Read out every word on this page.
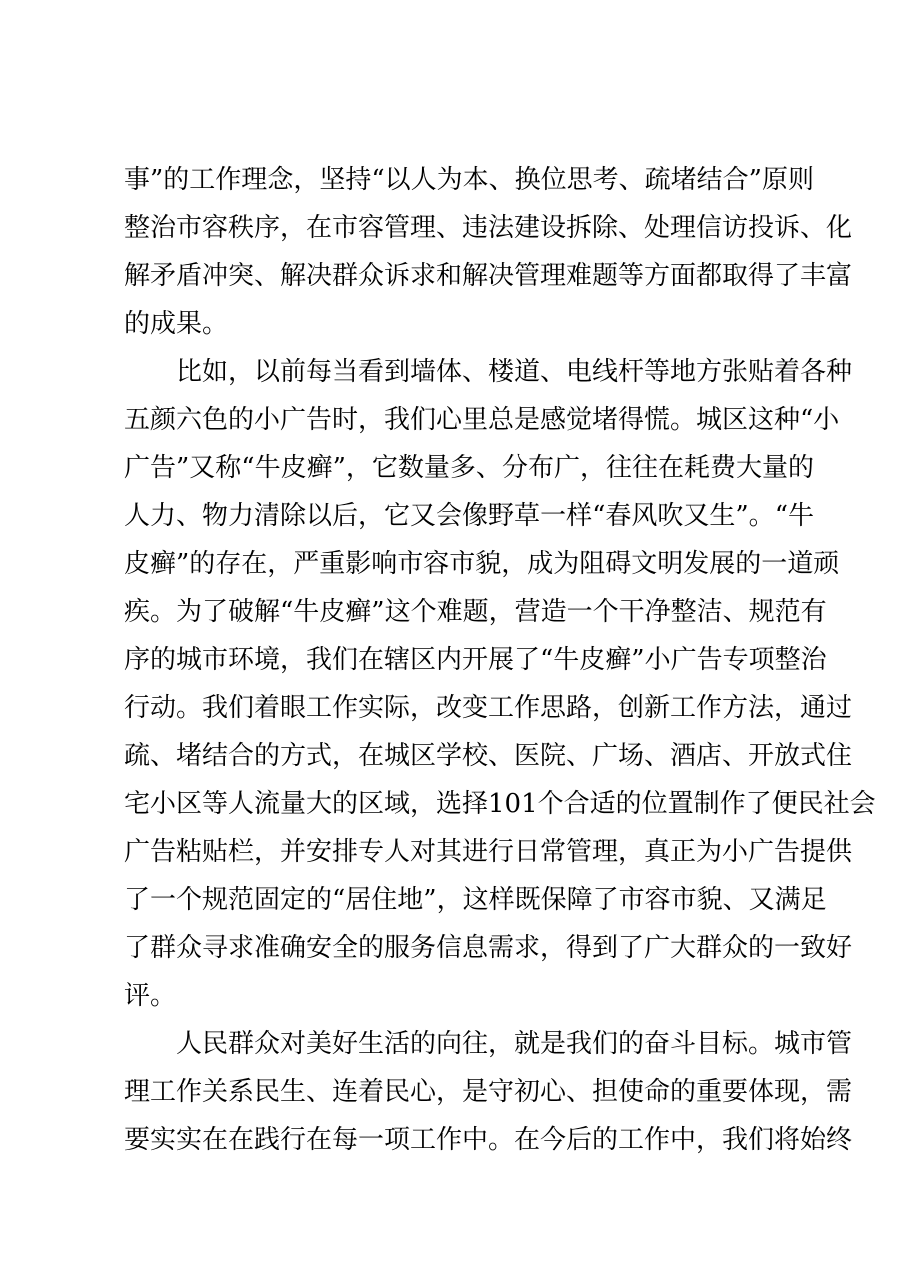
事”的工作理念，坚持“以人为本、换位思考、疏堵结合”原则
整治市容秩序，在市容管理、违法建设拆除、处理信访投诉、化
解矛盾冲突、解决群众诉求和解决管理难题等方面都取得了丰富
的成果。

比如，以前每当看到墙体、楼道、电线杆等地方张贴着各种
五颜六色的小广告时，我们心里总是感觉堵得慌。城区这种“小
广告”又称“牛皮癣”，它数量多、分布广，往往在耗费大量的
人力、物力清除以后，它又会像野草一样“春风吹又生”。“牛
皮癣”的存在，严重影响市容市貌，成为阻碍文明发展的一道顽
疾。为了破解“牛皮癣”这个难题，营造一个干净整洁、规范有
序的城市环境，我们在辖区内开展了“牛皮癣”小广告专项整治
行动。我们着眼工作实际，改变工作思路，创新工作方法，通过
疏、堵结合的方式，在城区学校、医院、广场、酒店、开放式住
宅小区等人流量大的区域，选择101个合适的位置制作了便民社会
广告粘贴栏，并安排专人对其进行日常管理，真正为小广告提供
了一个规范固定的“居住地”，这样既保障了市容市貌、又满足
了群众寻求准确安全的服务信息需求，得到了广大群众的一致好
评。

人民群众对美好生活的向往，就是我们的奋斗目标。城市管
理工作关系民生、连着民心，是守初心、担使命的重要体现，需
要实实在在践行在每一项工作中。在今后的工作中，我们将始终
